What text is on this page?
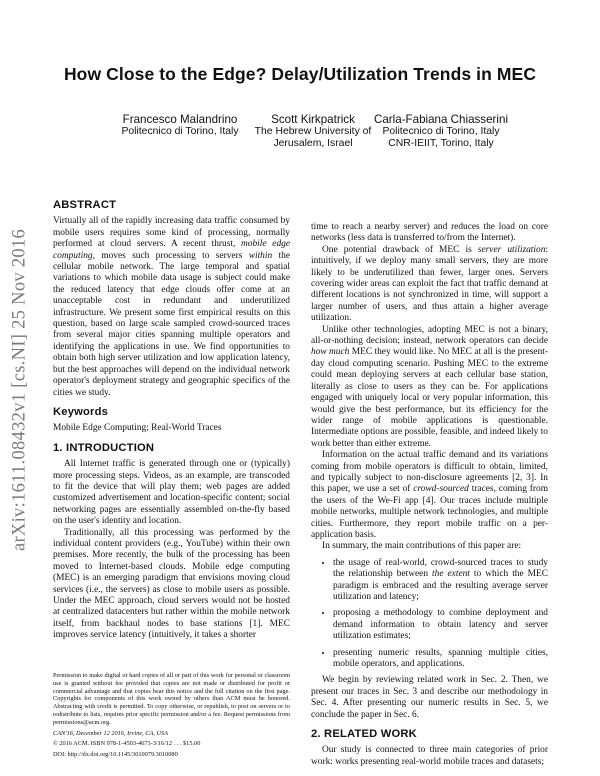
How Close to the Edge? Delay/Utilization Trends in MEC
Francesco Malandrino
Politecnico di Torino, Italy
Scott Kirkpatrick
The Hebrew University of
Jerusalem, Israel
Carla-Fabiana Chiasserini
Politecnico di Torino, Italy
CNR-IEIIT, Torino, Italy
arXiv:1611.08432v1 [cs.NI] 25 Nov 2016
ABSTRACT

Virtually all of the rapidly increasing data traffic consumed by mobile users requires some kind of processing, normally performed at cloud servers. A recent thrust, mobile edge computing, moves such processing to servers within the cellular mobile network. The large temporal and spatial variations to which mobile data usage is subject could make the reduced latency that edge clouds offer come at an unacceptable cost in redundant and underutilized infrastructure. We present some first empirical results on this question, based on large scale sampled crowd-sourced traces from several major cities spanning multiple operators and identifying the applications in use. We find opportunities to obtain both high server utilization and low application latency, but the best approaches will depend on the individual network operator's deployment strategy and geographic specifics of the cities we study.

Keywords

Mobile Edge Computing; Real-World Traces

1. INTRODUCTION

All Internet traffic is generated through one or (typically) more processing steps. Videos, as an example, are transcoded to fit the device that will play them; web pages are added customized advertisement and location-specific content; social networking pages are essentially assembled on-the-fly based on the user's identity and location.

Traditionally, all this processing was performed by the individual content providers (e.g., YouTube) within their own premises. More recently, the bulk of the processing has been moved to Internet-based clouds. Mobile edge computing (MEC) is an emerging paradigm that envisions moving cloud services (i.e., the servers) as close to mobile users as possible. Under the MEC approach, cloud servers would not be hosted at centralized datacenters but rather within the mobile network itself, from backhaul nodes to base stations [1]. MEC improves service latency (intuitively, it takes a shorter

Permission to make digital or hard copies of all or part of this work for personal or classroom use is granted without fee provided that copies are not made or distributed for profit or commercial advantage and that copies bear this notice and the full citation on the first page. Copyrights for components of this work owned by others than ACM must be honored. Abstracting with credit is permitted. To copy otherwise, or republish, to post on servers or to redistribute to lists, requires prior specific permission and/or a fee. Request permissions from permissions@acm.org.
CAN'16, December 12 2016, Irvine, CA, USA
© 2016 ACM. ISBN 978-1-4503-4673-3/16/12 . . . $15.00
DOI: http://dx.doi.org/10.1145/3010079.3010080

time to reach a nearby server) and reduces the load on core networks (less data is transferred to/from the Internet).

One potential drawback of MEC is server utilization: intuitively, if we deploy many small servers, they are more likely to be underutilized than fewer, larger ones. Servers covering wider areas can exploit the fact that traffic demand at different locations is not synchronized in time, will support a larger number of users, and thus attain a higher average utilization.

Unlike other technologies, adopting MEC is not a binary, all-or-nothing decision; instead, network operators can decide how much MEC they would like. No MEC at all is the present-day cloud computing scenario. Pushing MEC to the extreme could mean deploying servers at each cellular base station, literally as close to users as they can be. For applications engaged with uniquely local or very popular information, this would give the best performance, but its efficiency for the wider range of mobile applications is questionable. Intermediate options are possible, feasible, and indeed likely to work better than either extreme.

Information on the actual traffic demand and its variations coming from mobile operators is difficult to obtain, limited, and typically subject to non-disclosure agreements [2, 3]. In this paper, we use a set of crowd-sourced traces, coming from the users of the We-Fi app [4]. Our traces include multiple mobile networks, multiple network technologies, and multiple cities. Furthermore, they report mobile traffic on a per-application basis.

In summary, the main contributions of this paper are:

• the usage of real-world, crowd-sourced traces to study the relationship between the extent to which the MEC paradigm is embraced and the resulting average server utilization and latency;
• proposing a methodology to combine deployment and demand information to obtain latency and server utilization estimates;
• presenting numeric results, spanning multiple cities, mobile operators, and applications.

We begin by reviewing related work in Sec. 2. Then, we present our traces in Sec. 3 and describe our methodology in Sec. 4. After presenting our numeric results in Sec. 5, we conclude the paper in Sec. 6.

2. RELATED WORK

Our study is connected to three main categories of prior work: works presenting real-world mobile traces and datasets;
